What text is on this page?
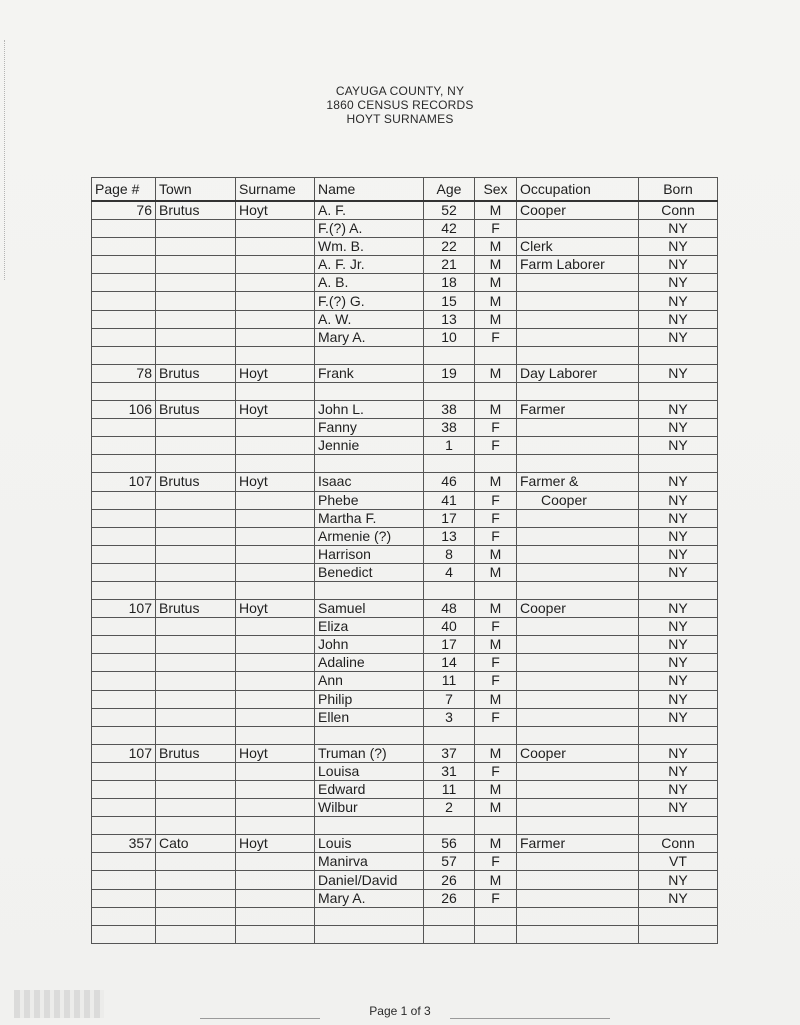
CAYUGA COUNTY, NY
1860 CENSUS RECORDS
HOYT SURNAMES
Page #	Town	Surname	Name	Age	Sex	Occupation	Born
76	Brutus	Hoyt	A. F.	52	M	Cooper	Conn
			F.(?) A.	42	F		NY
			Wm. B.	22	M	Clerk	NY
			A. F. Jr.	21	M	Farm Laborer	NY
			A. B.	18	M		NY
			F.(?) G.	15	M		NY
			A. W.	13	M		NY
			Mary A.	10	F		NY

78	Brutus	Hoyt	Frank	19	M	Day Laborer	NY

106	Brutus	Hoyt	John L.	38	M	Farmer	NY
			Fanny	38	F		NY
			Jennie	1	F		NY

107	Brutus	Hoyt	Isaac	46	M	Farmer &	NY
			Phebe	41	F	Cooper	NY
			Martha F.	17	F		NY
			Armenie (?)	13	F		NY
			Harrison	8	M		NY
			Benedict	4	M		NY

107	Brutus	Hoyt	Samuel	48	M	Cooper	NY
			Eliza	40	F		NY
			John	17	M		NY
			Adaline	14	F		NY
			Ann	11	F		NY
			Philip	7	M		NY
			Ellen	3	F		NY

107	Brutus	Hoyt	Truman (?)	37	M	Cooper	NY
			Louisa	31	F		NY
			Edward	11	M		NY
			Wilbur	2	M		NY

357	Cato	Hoyt	Louis	56	M	Farmer	Conn
			Manirva	57	F		VT
			Daniel/David	26	M		NY
			Mary A.	26	F		NY

Page 1 of 3
